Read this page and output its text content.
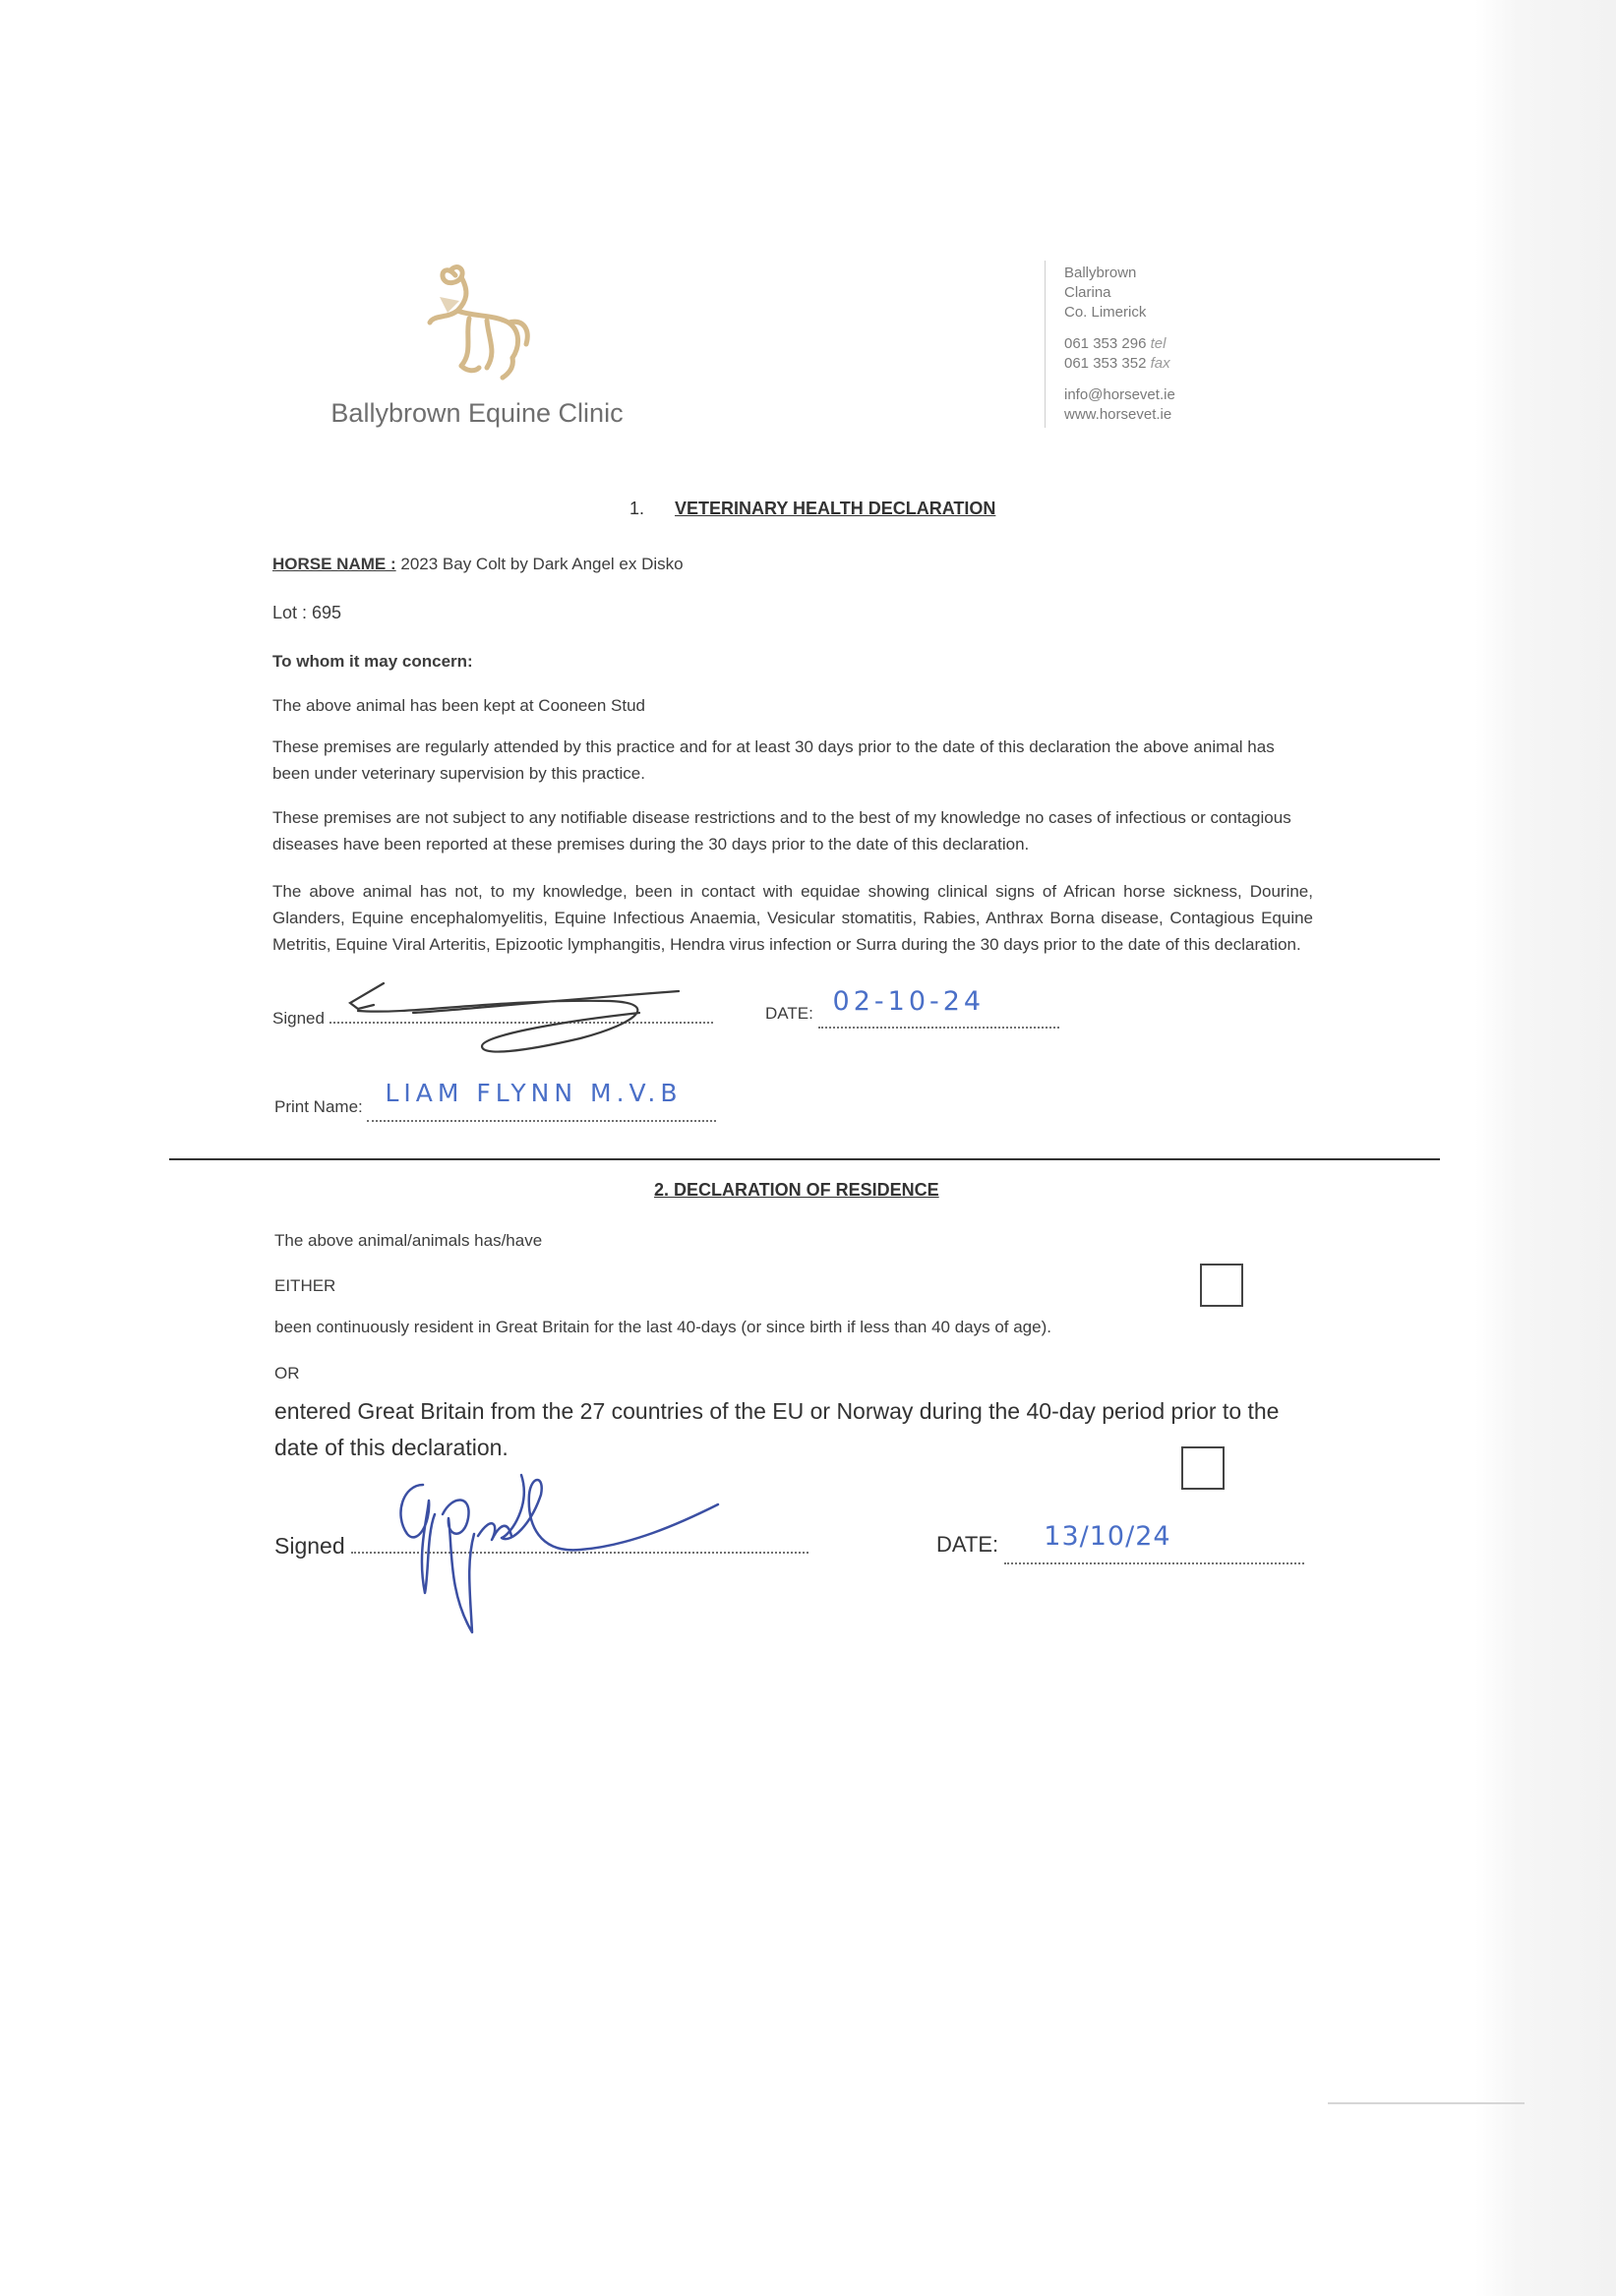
Ballybrown Equine Clinic
Ballybrown
Clarina
Co. Limerick
061 353 296 tel
061 353 352 fax
info@horsevet.ie
www.horsevet.ie
1. VETERINARY HEALTH DECLARATION
HORSE NAME : 2023 Bay Colt by Dark Angel ex Disko
Lot : 695
To whom it may concern:
The above animal has been kept at Cooneen Stud
These premises are regularly attended by this practice and for at least 30 days prior to the date of this declaration the above animal has been under veterinary supervision by this practice.
These premises are not subject to any notifiable disease restrictions and to the best of my knowledge no cases of infectious or contagious diseases have been reported at these premises during the 30 days prior to the date of this declaration.
The above animal has not, to my knowledge, been in contact with equidae showing clinical signs of African horse sickness, Dourine, Glanders, Equine encephalomyelitis, Equine Infectious Anaemia, Vesicular stomatitis, Rabies, Anthrax Borna disease, Contagious Equine Metritis, Equine Viral Arteritis, Epizootic lymphangitis, Hendra virus infection or Surra during the 30 days prior to the date of this declaration.
Signed	DATE: 02-10-24

Print Name: LIAM FLYNN M.V.B

2. DECLARATION OF RESIDENCE
The above animal/animals has/have
EITHER
been continuously resident in Great Britain for the last 40-days (or since birth if less than 40 days of age).
OR
entered Great Britain from the 27 countries of the EU or Norway during the 40-day period prior to the date of this declaration.
Signed	DATE: 13/10/24
